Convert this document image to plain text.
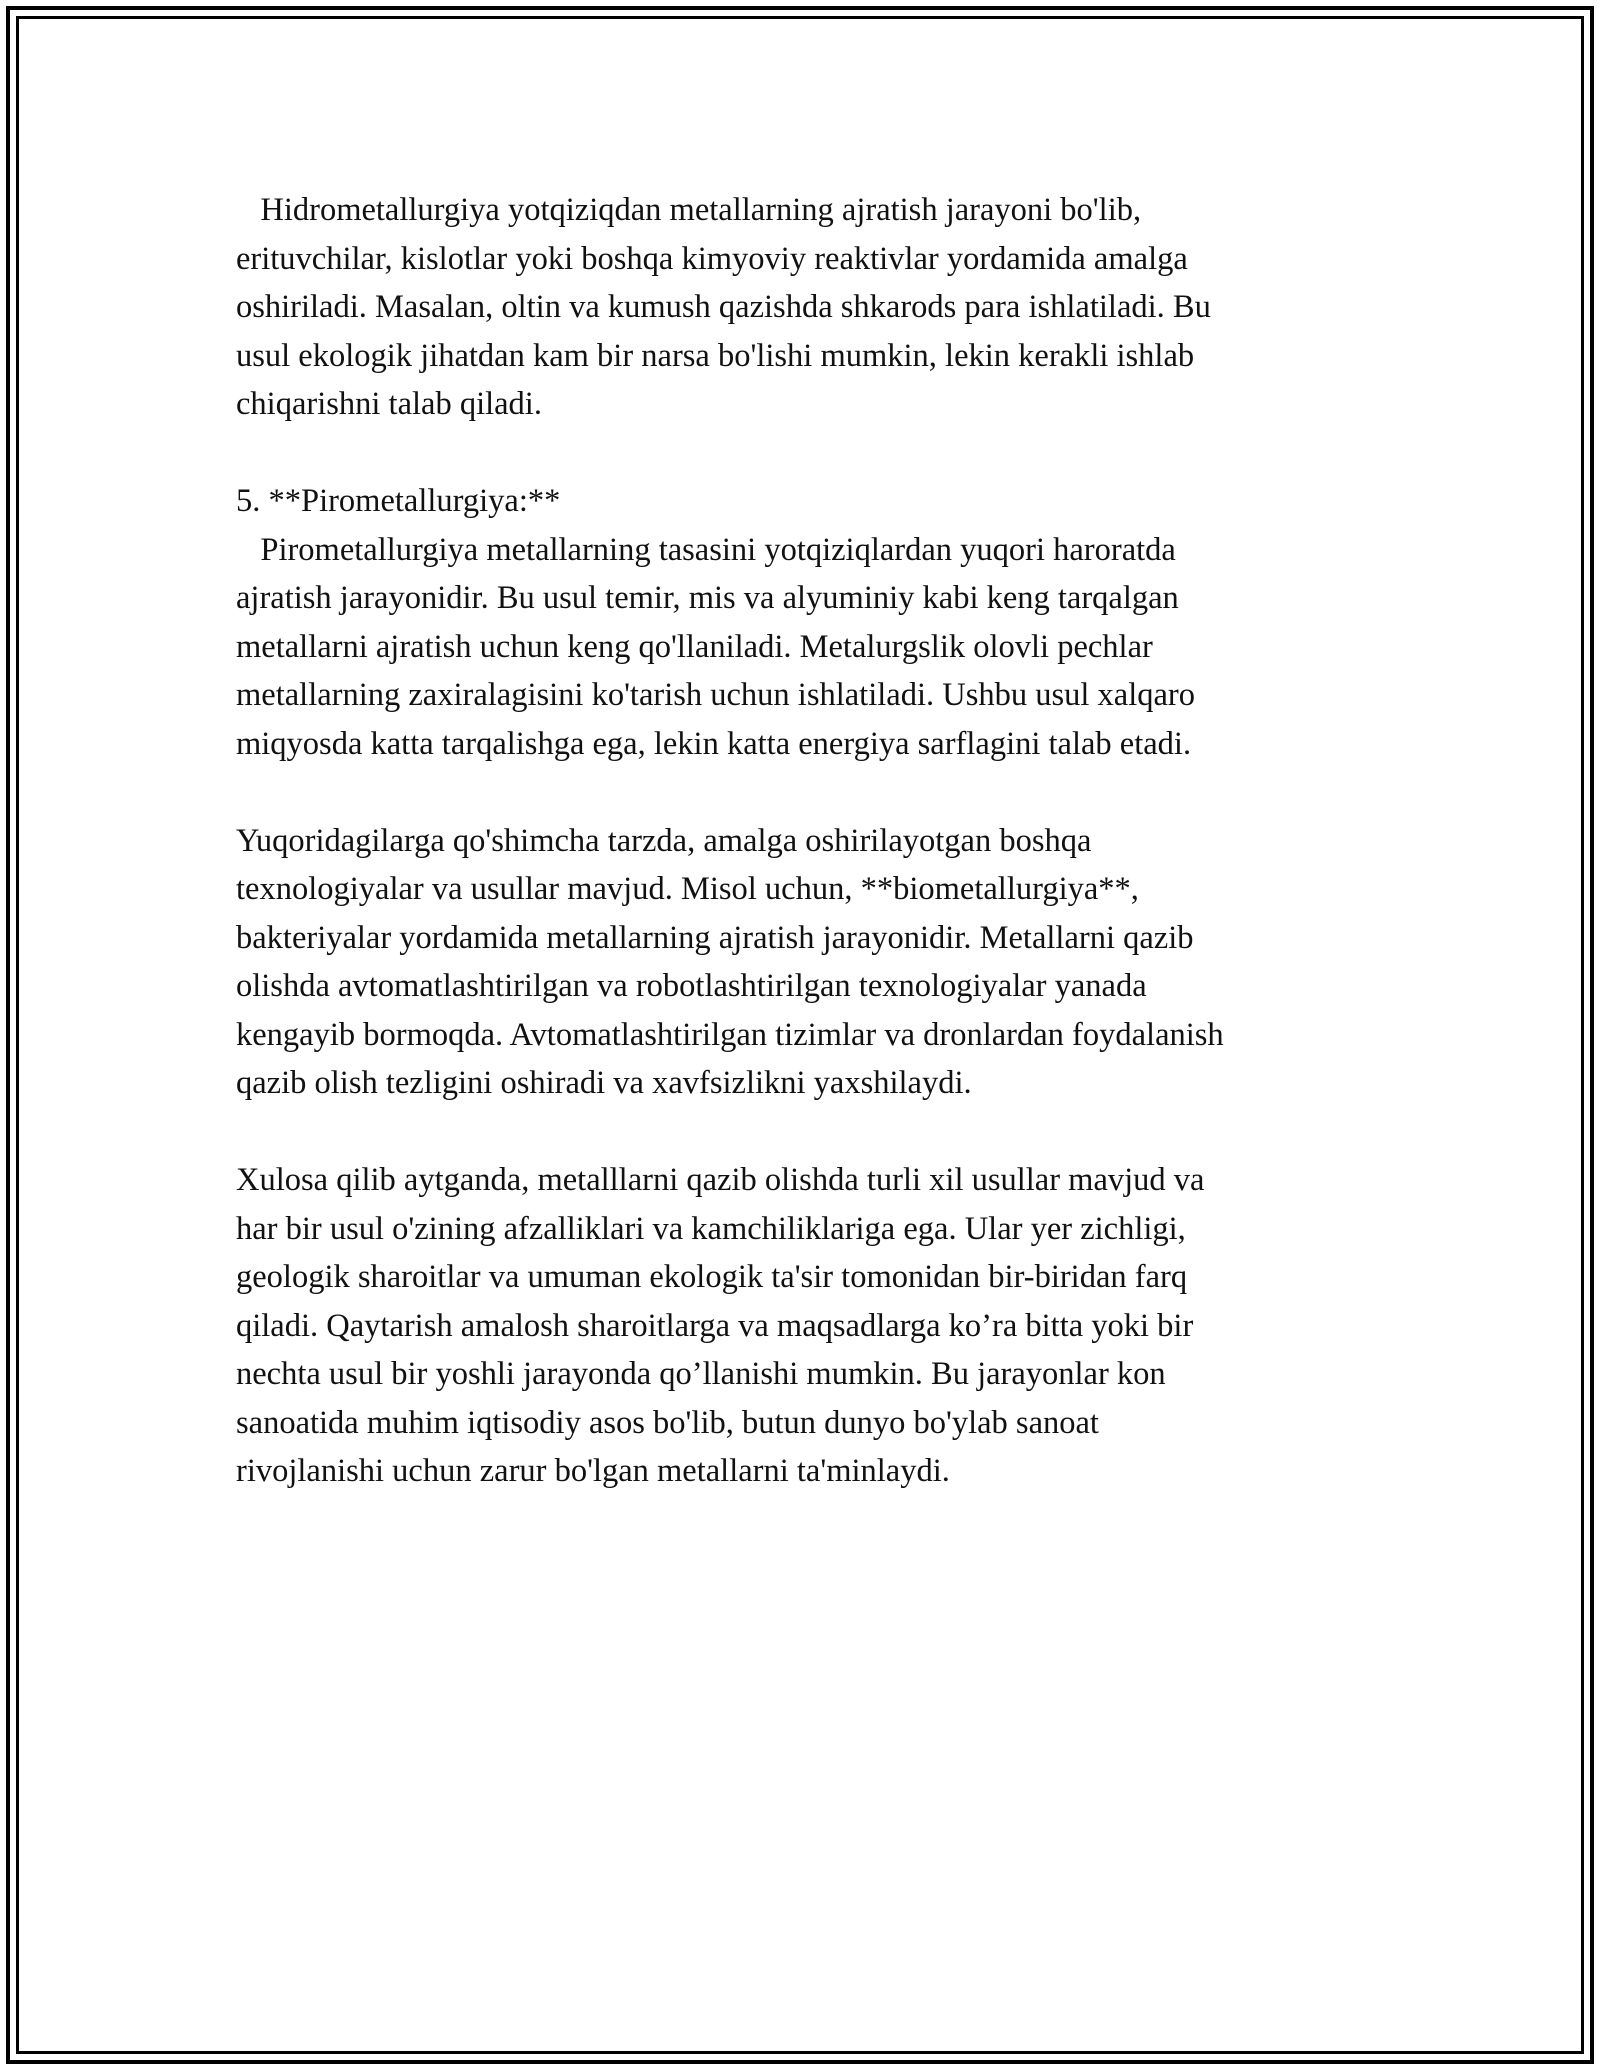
Hidrometallurgiya yotqiziqdan metallarning ajratish jarayoni bo'lib,
erituvchilar, kislotlar yoki boshqa kimyoviy reaktivlar yordamida amalga
oshiriladi. Masalan, oltin va kumush qazishda shkarods para ishlatiladi. Bu
usul ekologik jihatdan kam bir narsa bo'lishi mumkin, lekin kerakli ishlab
chiqarishni talab qiladi.
5. **Pirometallurgiya:**
Pirometallurgiya metallarning tasasini yotqiziqlardan yuqori haroratda
ajratish jarayonidir. Bu usul temir, mis va alyuminiy kabi keng tarqalgan
metallarni ajratish uchun keng qo'llaniladi. Metalurgslik olovli pechlar
metallarning zaxiralagisini ko'tarish uchun ishlatiladi. Ushbu usul xalqaro
miqyosda katta tarqalishga ega, lekin katta energiya sarflagini talab etadi.
Yuqoridagilarga qo'shimcha tarzda, amalga oshirilayotgan boshqa
texnologiyalar va usullar mavjud. Misol uchun, **biometallurgiya**,
bakteriyalar yordamida metallarning ajratish jarayonidir. Metallarni qazib
olishda avtomatlashtirilgan va robotlashtirilgan texnologiyalar yanada
kengayib bormoqda. Avtomatlashtirilgan tizimlar va dronlardan foydalanish
qazib olish tezligini oshiradi va xavfsizlikni yaxshilaydi.
Xulosa qilib aytganda, metalllarni qazib olishda turli xil usullar mavjud va
har bir usul o'zining afzalliklari va kamchiliklariga ega. Ular yer zichligi,
geologik sharoitlar va umuman ekologik ta'sir tomonidan bir-biridan farq
qiladi. Qaytarish amalosh sharoitlarga va maqsadlarga ko’ra bitta yoki bir
nechta usul bir yoshli jarayonda qo’llanishi mumkin. Bu jarayonlar kon
sanoatida muhim iqtisodiy asos bo'lib, butun dunyo bo'ylab sanoat
rivojlanishi uchun zarur bo'lgan metallarni ta'minlaydi.
